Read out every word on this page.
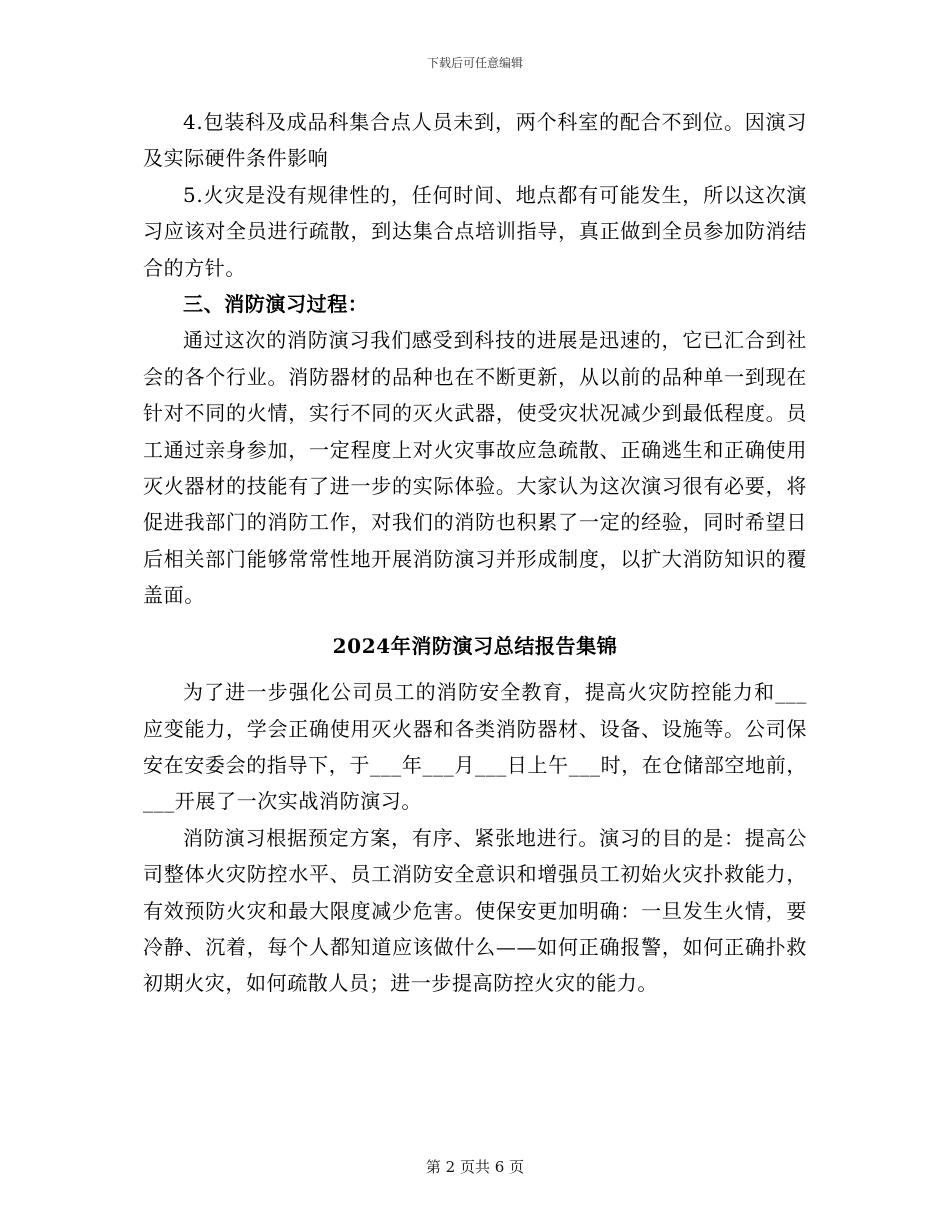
下载后可任意编辑

4.包装科及成品科集合点人员未到，两个科室的配合不到位。因演习及实际硬件条件影响

5.火灾是没有规律性的，任何时间、地点都有可能发生，所以这次演习应该对全员进行疏散，到达集合点培训指导，真正做到全员参加防消结合的方针。

三、消防演习过程：

通过这次的消防演习我们感受到科技的进展是迅速的，它已汇合到社会的各个行业。消防器材的品种也在不断更新，从以前的品种单一到现在针对不同的火情，实行不同的灭火武器，使受灾状况减少到最低程度。员工通过亲身参加，一定程度上对火灾事故应急疏散、正确逃生和正确使用灭火器材的技能有了进一步的实际体验。大家认为这次演习很有必要，将促进我部门的消防工作，对我们的消防也积累了一定的经验，同时希望日后相关部门能够常常性地开展消防演习并形成制度，以扩大消防知识的覆盖面。

2024年消防演习总结报告集锦

为了进一步强化公司员工的消防安全教育，提高火灾防控能力和___应变能力，学会正确使用灭火器和各类消防器材、设备、设施等。公司保安在安委会的指导下，于___年___月___日上午___时，在仓储部空地前，___开展了一次实战消防演习。

消防演习根据预定方案，有序、紧张地进行。演习的目的是：提高公司整体火灾防控水平、员工消防安全意识和增强员工初始火灾扑救能力，有效预防火灾和最大限度减少危害。使保安更加明确：一旦发生火情，要冷静、沉着，每个人都知道应该做什么——如何正确报警，如何正确扑救初期火灾，如何疏散人员；进一步提高防控火灾的能力。

第 2 页共 6 页
